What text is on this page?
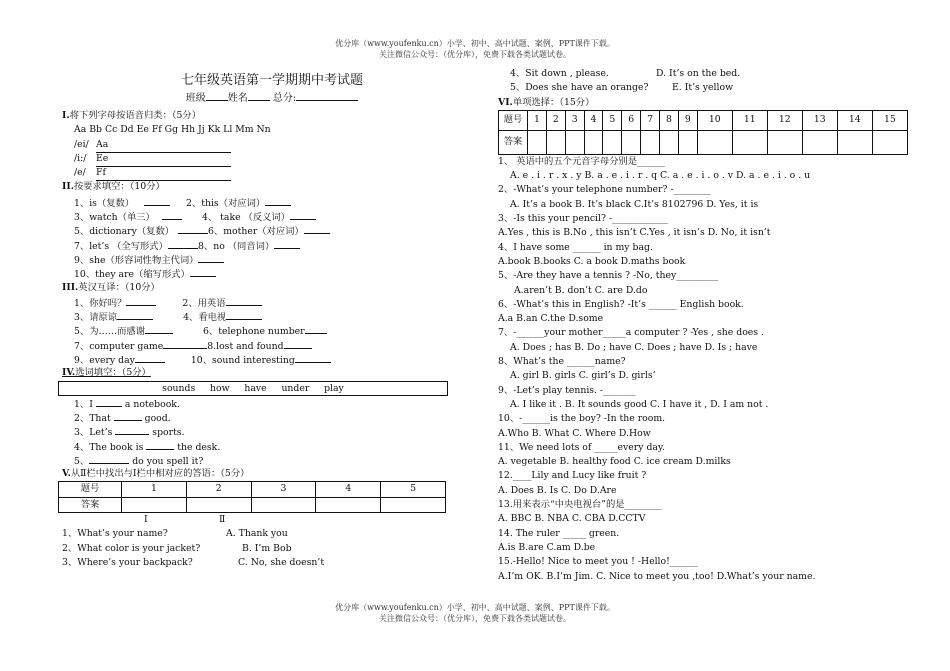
优分库（www.youfenku.cn）小学、初中、高中试题、案例、PPT课件下载。
关注微信公众号：（优分库），免费下载各类试题试卷。
七年级英语第一学期期中考试题
班级 姓名	总分:
I.将下列字母按语音归类：（5分）
Aa Bb Cc Dd Ee Ff Gg Hh Jj Kk Ll Mm Nn
/ei/ Aa
/i:/ Ee
/e/ Ff
II.按要求填空：（10分）
1、is（复数）	2、this（对应词）
3、watch（单三）	4、 take （反义词）
5、dictionary（复数）	6、mother（对应词）
7、let’s （全写形式）	8、no （同音词）
9、she（形容词性物主代词）
10、they are（缩写形式）
III.英汉互译：（10分）
1、你好吗？	2、用英语
3、请原谅	4、看电视
5、为……而感谢	6、telephone number
7、computer game	8.lost and found
9、every day	10、sound interesting
IV.选词填空：（5分）
sounds how have under play
1、I	a notebook.
2、That	good.
3、Let’s	sports.
4、The book is	the desk.
5、	do you spell it?
V.从Ⅱ栏中找出与Ⅰ栏中相对应的答语：（5分）
题号	1	2	3	4	5
答案					
I	Ⅱ
1、What’s your name?	A. Thank you
2、What color is your jacket?	B. I’m Bob
3、Where’s your backpack?	C. No, she doesn’t
4、Sit down , please.	D. It’s on the bed.
5、Does she have an orange?	E. It’s yellow
VI.单项选择：（15分）
题号	1	2	3	4	5	6	7	8	9	10	11	12	13	14	15
答案															
1、 英语中的五个元音字母分别是______
A. e . i . r . x . y B. a . e . i . r . q C. a . e . i . o . v D. a . e . i . o . u
2、-What’s your telephone number? -________
A. It’s a book B. It’s black C.It’s 8102796 D. Yes, it is
3、-Is this your pencil? -____________
A.Yes , this is B.No , this isn’t C.Yes , it isn’s D. No, it isn’t
4、I have some ______ in my bag.
A.book B.books C. a book D.maths book
5、-Are they have a tennis ? -No, they_________
A.aren’t B. don’t C. are D.do
6、-What’s this in English? -It’s ______ English book.
A.a B.an C.the D.some
7、-______your mother_____a computer ? -Yes , she does .
A. Does ; has B. Do ; have C. Does ; have D. Is ; have
8、What’s the ______name?
A. girl B. girls C. girl’s D. girls’
9、-Let’s play tennis. -_______
A. I like it . B. It sounds good C. I have it , D. I am not .
10、-______is the boy? -In the room.
A.Who B. What C. Where D.How
11、We need lots of _____every day.
A. vegetable B. healthy food C. ice cream D.milks
12.____Lily and Lucy like fruit ?
A. Does B. Is C. Do D.Are
13.用来表示“中央电视台”的是________
A. BBC B. NBA C. CBA D.CCTV
14. The ruler _____ green.
A.is B.are C.am D.be
15.-Hello! Nice to meet you ! -Hello!______
A.I’m OK. B.I’m Jim. C. Nice to meet you ,too! D.What’s your name.
优分库（www.youfenku.cn）小学、初中、高中试题、案例、PPT课件下载。
关注微信公众号：（优分库），免费下载各类试题试卷。
